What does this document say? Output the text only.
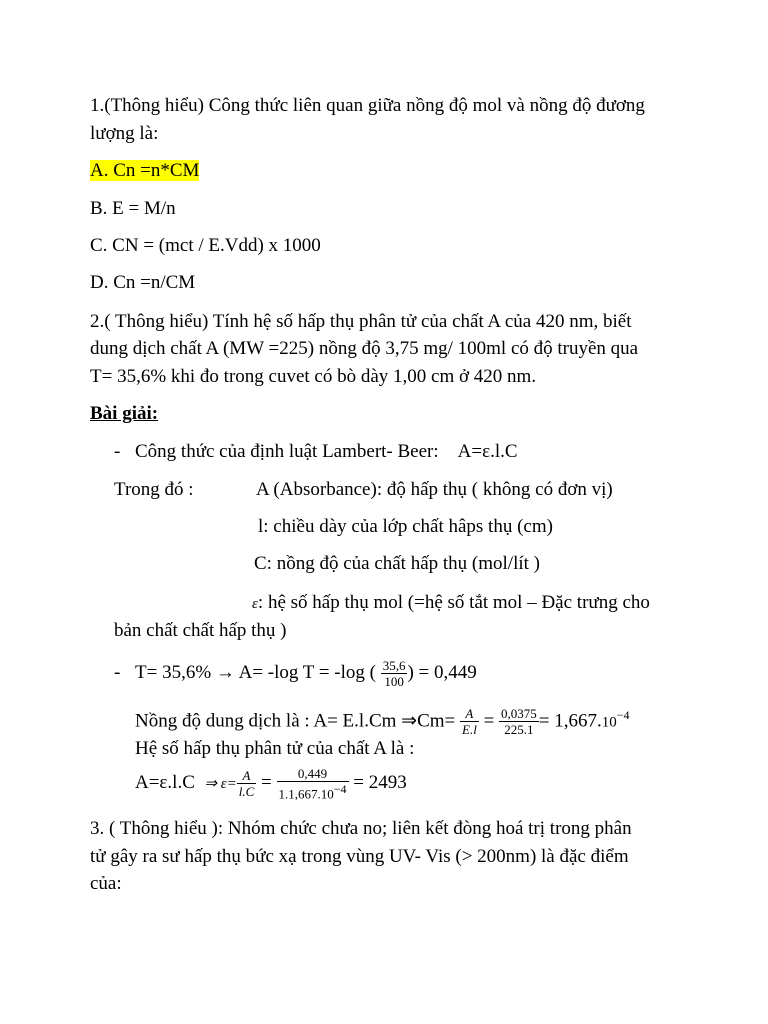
1.(Thông hiểu) Công thức liên quan giữa nồng độ mol và nồng độ đương
lượng là:
A. Cn =n*CM
B. E = M/n
C. CN = (mct / E.Vdd) x 1000
D. Cn =n/CM
2.( Thông hiểu) Tính hệ số hấp thụ phân tử của chất A của 420 nm, biết
dung dịch chất A (MW =225) nồng độ 3,75 mg/ 100ml có độ truyền qua
T= 35,6% khi đo trong cuvet có bò dày 1,00 cm ở 420 nm.
Bài giải:
- Công thức của định luật Lambert- Beer: A=ε.l.C
Trong đó :	A (Absorbance): độ hấp thụ ( không có đơn vị)
l: chiều dày của lớp chất hâps thụ (cm)
C: nồng độ của chất hấp thụ (mol/lít )
ε: hệ số hấp thụ mol (=hệ số tắt mol – Đặc trưng cho
bản chất chất hấp thụ )
- T= 35,6% → A= -log T = -log ( $\frac{35,6}{100}$ ) = 0,449
Nồng độ dung dịch là : A= E.l.Cm ⇒Cm= $\frac{A}{E.l} = \frac{0,0375}{225.1} = 1,667.10^{-4}$
Hệ số hấp thụ phân tử của chất A là :
A=ε.l.C ⇒ $\varepsilon= \frac{A}{l.C} = \frac{0,449}{1.1,667.10^{-4}} = 2493$
3. ( Thông hiểu ): Nhóm chức chưa no; liên kết đòng hoá trị trong phân
tử gây ra sư hấp thụ bức xạ trong vùng UV- Vis (> 200nm) là đặc điểm
của:
